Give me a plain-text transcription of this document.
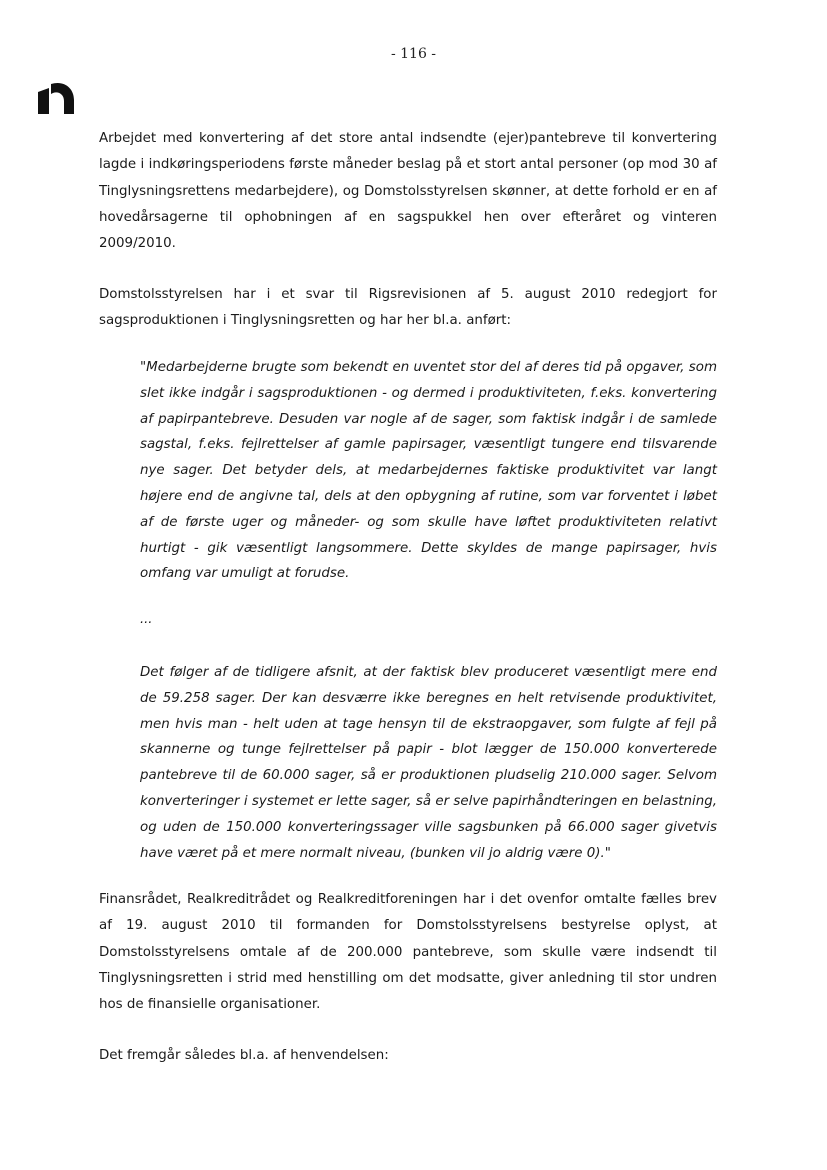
- 116 -

Arbejdet med konvertering af det store antal indsendte (ejer)pantebreve til konvertering lagde i indkøringsperiodens første måneder beslag på et stort antal personer (op mod 30 af Tinglysningsrettens medarbejdere), og Domstolsstyrelsen skønner, at dette forhold er en af hovedårsagerne til ophobningen af en sagspukkel hen over efteråret og vinteren 2009/2010.

Domstolsstyrelsen har i et svar til Rigsrevisionen af 5. august 2010 redegjort for sagsproduktionen i Tinglysningsretten og har her bl.a. anført:

"Medarbejderne brugte som bekendt en uventet stor del af deres tid på opgaver, som slet ikke indgår i sagsproduktionen - og dermed i produktiviteten, f.eks. konvertering af papirpantebreve. Desuden var nogle af de sager, som faktisk indgår i de samlede sagstal, f.eks. fejlrettelser af gamle papirsager, væsentligt tungere end tilsvarende nye sager. Det betyder dels, at medarbejdernes faktiske produktivitet var langt højere end de angivne tal, dels at den opbygning af rutine, som var forventet i løbet af de første uger og måneder- og som skulle have løftet produktiviteten relativt hurtigt - gik væsentligt langsommere. Dette skyldes de mange papirsager, hvis omfang var umuligt at forudse.

...

Det følger af de tidligere afsnit, at der faktisk blev produceret væsentligt mere end de 59.258 sager. Der kan desværre ikke beregnes en helt retvisende produktivitet, men hvis man - helt uden at tage hensyn til de ekstraopgaver, som fulgte af fejl på skannerne og tunge fejlrettelser på papir - blot lægger de 150.000 konverterede pantebreve til de 60.000 sager, så er produktionen pludselig 210.000 sager. Selvom konverteringer i systemet er lette sager, så er selve papirhåndteringen en belastning, og uden de 150.000 konverteringssager ville sagsbunken på 66.000 sager givetvis have været på et mere normalt niveau, (bunken vil jo aldrig være 0)."

Finansrådet, Realkreditrådet og Realkreditforeningen har i det ovenfor omtalte fælles brev af 19. august 2010 til formanden for Domstolsstyrelsens bestyrelse oplyst, at Domstolsstyrelsens omtale af de 200.000 pantebreve, som skulle være indsendt til Tinglysningsretten i strid med henstilling om det modsatte, giver anledning til stor undren hos de finansielle organisationer.

Det fremgår således bl.a. af henvendelsen:
